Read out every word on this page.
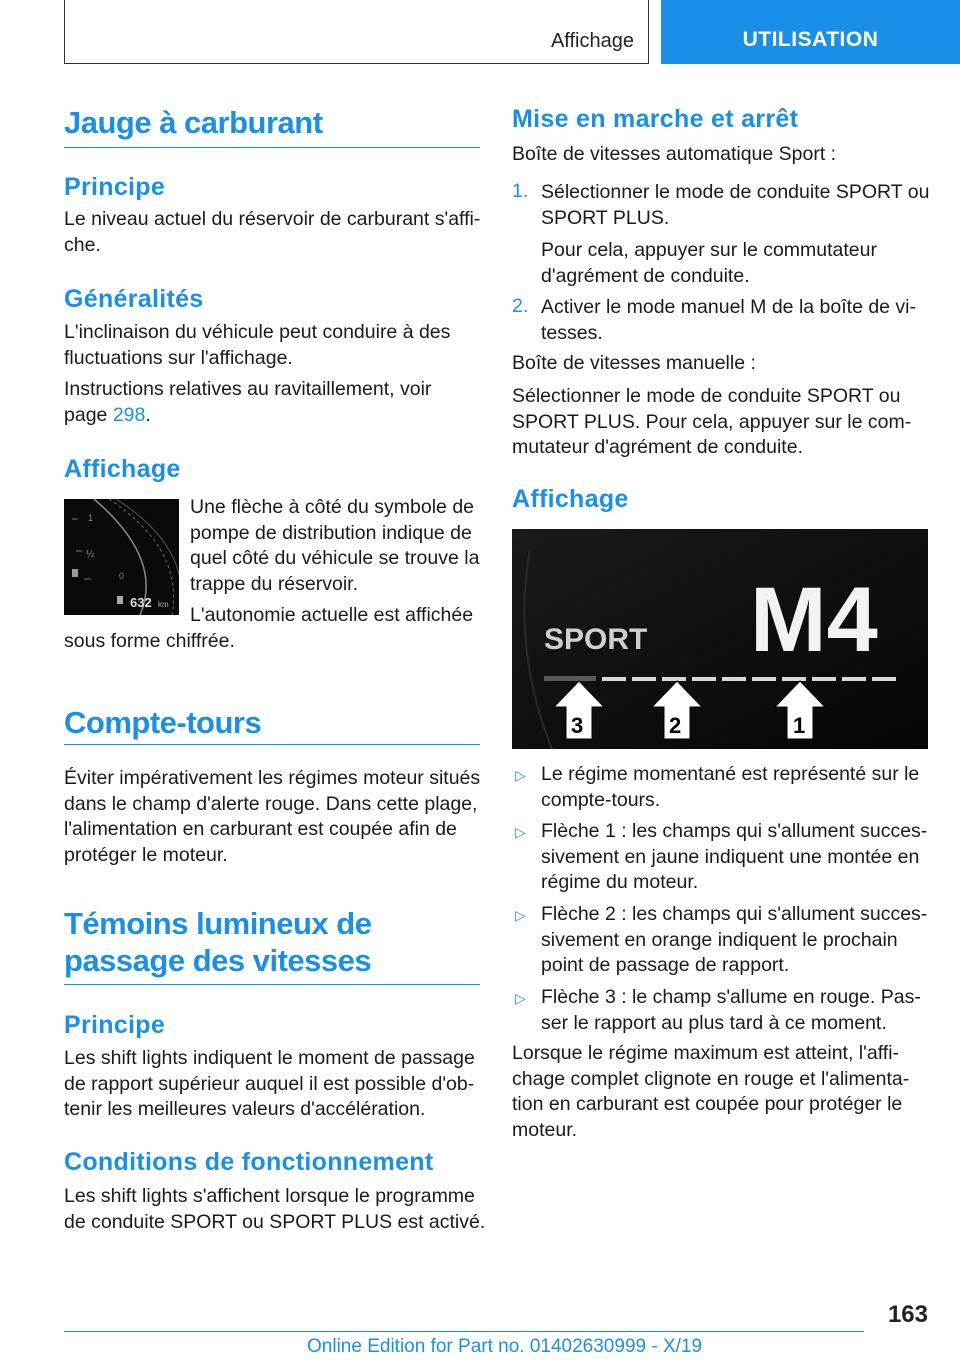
Affichage	UTILISATION
Jauge à carburant
Principe
Le niveau actuel du réservoir de carburant s'affi‐
che.
Généralités
L'inclinaison du véhicule peut conduire à des
fluctuations sur l'affichage.
Instructions relatives au ravitaillement, voir
page 298.
Affichage
1
½
0
632 km
Une flèche à côté du symbole de
pompe de distribution indique de
quel côté du véhicule se trouve la
trappe du réservoir.
L'autonomie actuelle est affichée
sous forme chiffrée.
Compte-tours
Éviter impérativement les régimes moteur situés
dans le champ d'alerte rouge. Dans cette plage,
l'alimentation en carburant est coupée afin de
protéger le moteur.
Témoins lumineux de
passage des vitesses
Principe
Les shift lights indiquent le moment de passage
de rapport supérieur auquel il est possible d'ob‐
tenir les meilleures valeurs d'accélération.
Conditions de fonctionnement
Les shift lights s'affichent lorsque le programme
de conduite SPORT ou SPORT PLUS est activé.
Mise en marche et arrêt
Boîte de vitesses automatique Sport :
1. Sélectionner le mode de conduite SPORT ou
SPORT PLUS.
Pour cela, appuyer sur le commutateur
d'agrément de conduite.
2. Activer le mode manuel M de la boîte de vi‐
tesses.
Boîte de vitesses manuelle :
Sélectionner le mode de conduite SPORT ou
SPORT PLUS. Pour cela, appuyer sur le com‐
mutateur d'agrément de conduite.
Affichage
SPORT M4
3	2	1
▷ Le régime momentané est représenté sur le
compte-tours.
▷ Flèche 1 : les champs qui s'allument succes‐
sivement en jaune indiquent une montée en
régime du moteur.
▷ Flèche 2 : les champs qui s'allument succes‐
sivement en orange indiquent le prochain
point de passage de rapport.
▷ Flèche 3 : le champ s'allume en rouge. Pas‐
ser le rapport au plus tard à ce moment.
Lorsque le régime maximum est atteint, l'affi‐
chage complet clignote en rouge et l'alimenta‐
tion en carburant est coupée pour protéger le
moteur.
163
Online Edition for Part no. 01402630999 - X/19
